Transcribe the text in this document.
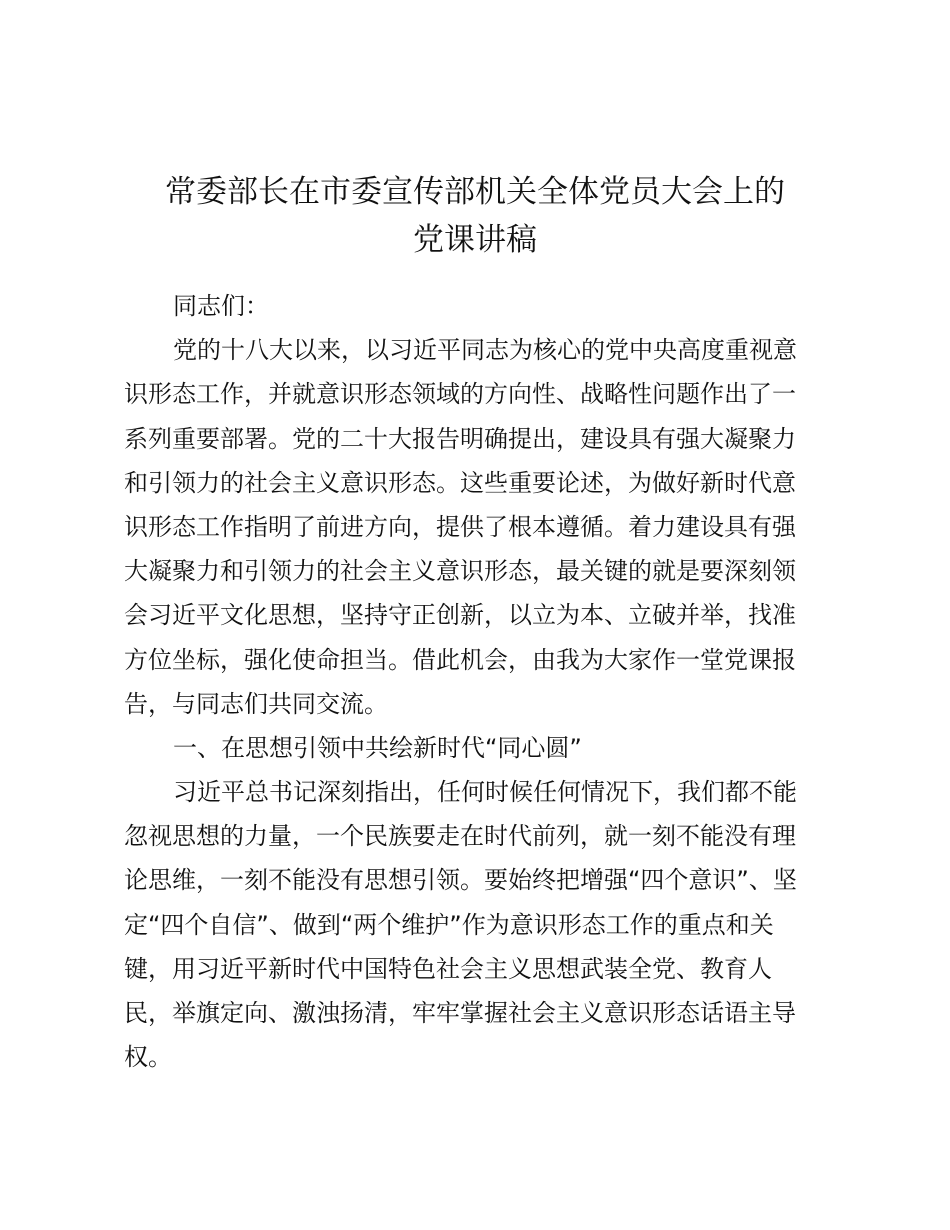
常委部长在市委宣传部机关全体党员大会上的
党课讲稿
同志们：
党的十八大以来，以习近平同志为核心的党中央高度重视意
识形态工作，并就意识形态领域的方向性、战略性问题作出了一
系列重要部署。党的二十大报告明确提出，建设具有强大凝聚力
和引领力的社会主义意识形态。这些重要论述，为做好新时代意
识形态工作指明了前进方向，提供了根本遵循。着力建设具有强
大凝聚力和引领力的社会主义意识形态，最关键的就是要深刻领
会习近平文化思想，坚持守正创新，以立为本、立破并举，找准
方位坐标，强化使命担当。借此机会，由我为大家作一堂党课报
告，与同志们共同交流。
一、在思想引领中共绘新时代“同心圆”
习近平总书记深刻指出，任何时候任何情况下，我们都不能
忽视思想的力量，一个民族要走在时代前列，就一刻不能没有理
论思维，一刻不能没有思想引领。要始终把增强“四个意识”、坚
定“四个自信”、做到“两个维护”作为意识形态工作的重点和关
键，用习近平新时代中国特色社会主义思想武装全党、教育人
民，举旗定向、激浊扬清，牢牢掌握社会主义意识形态话语主导
权。
